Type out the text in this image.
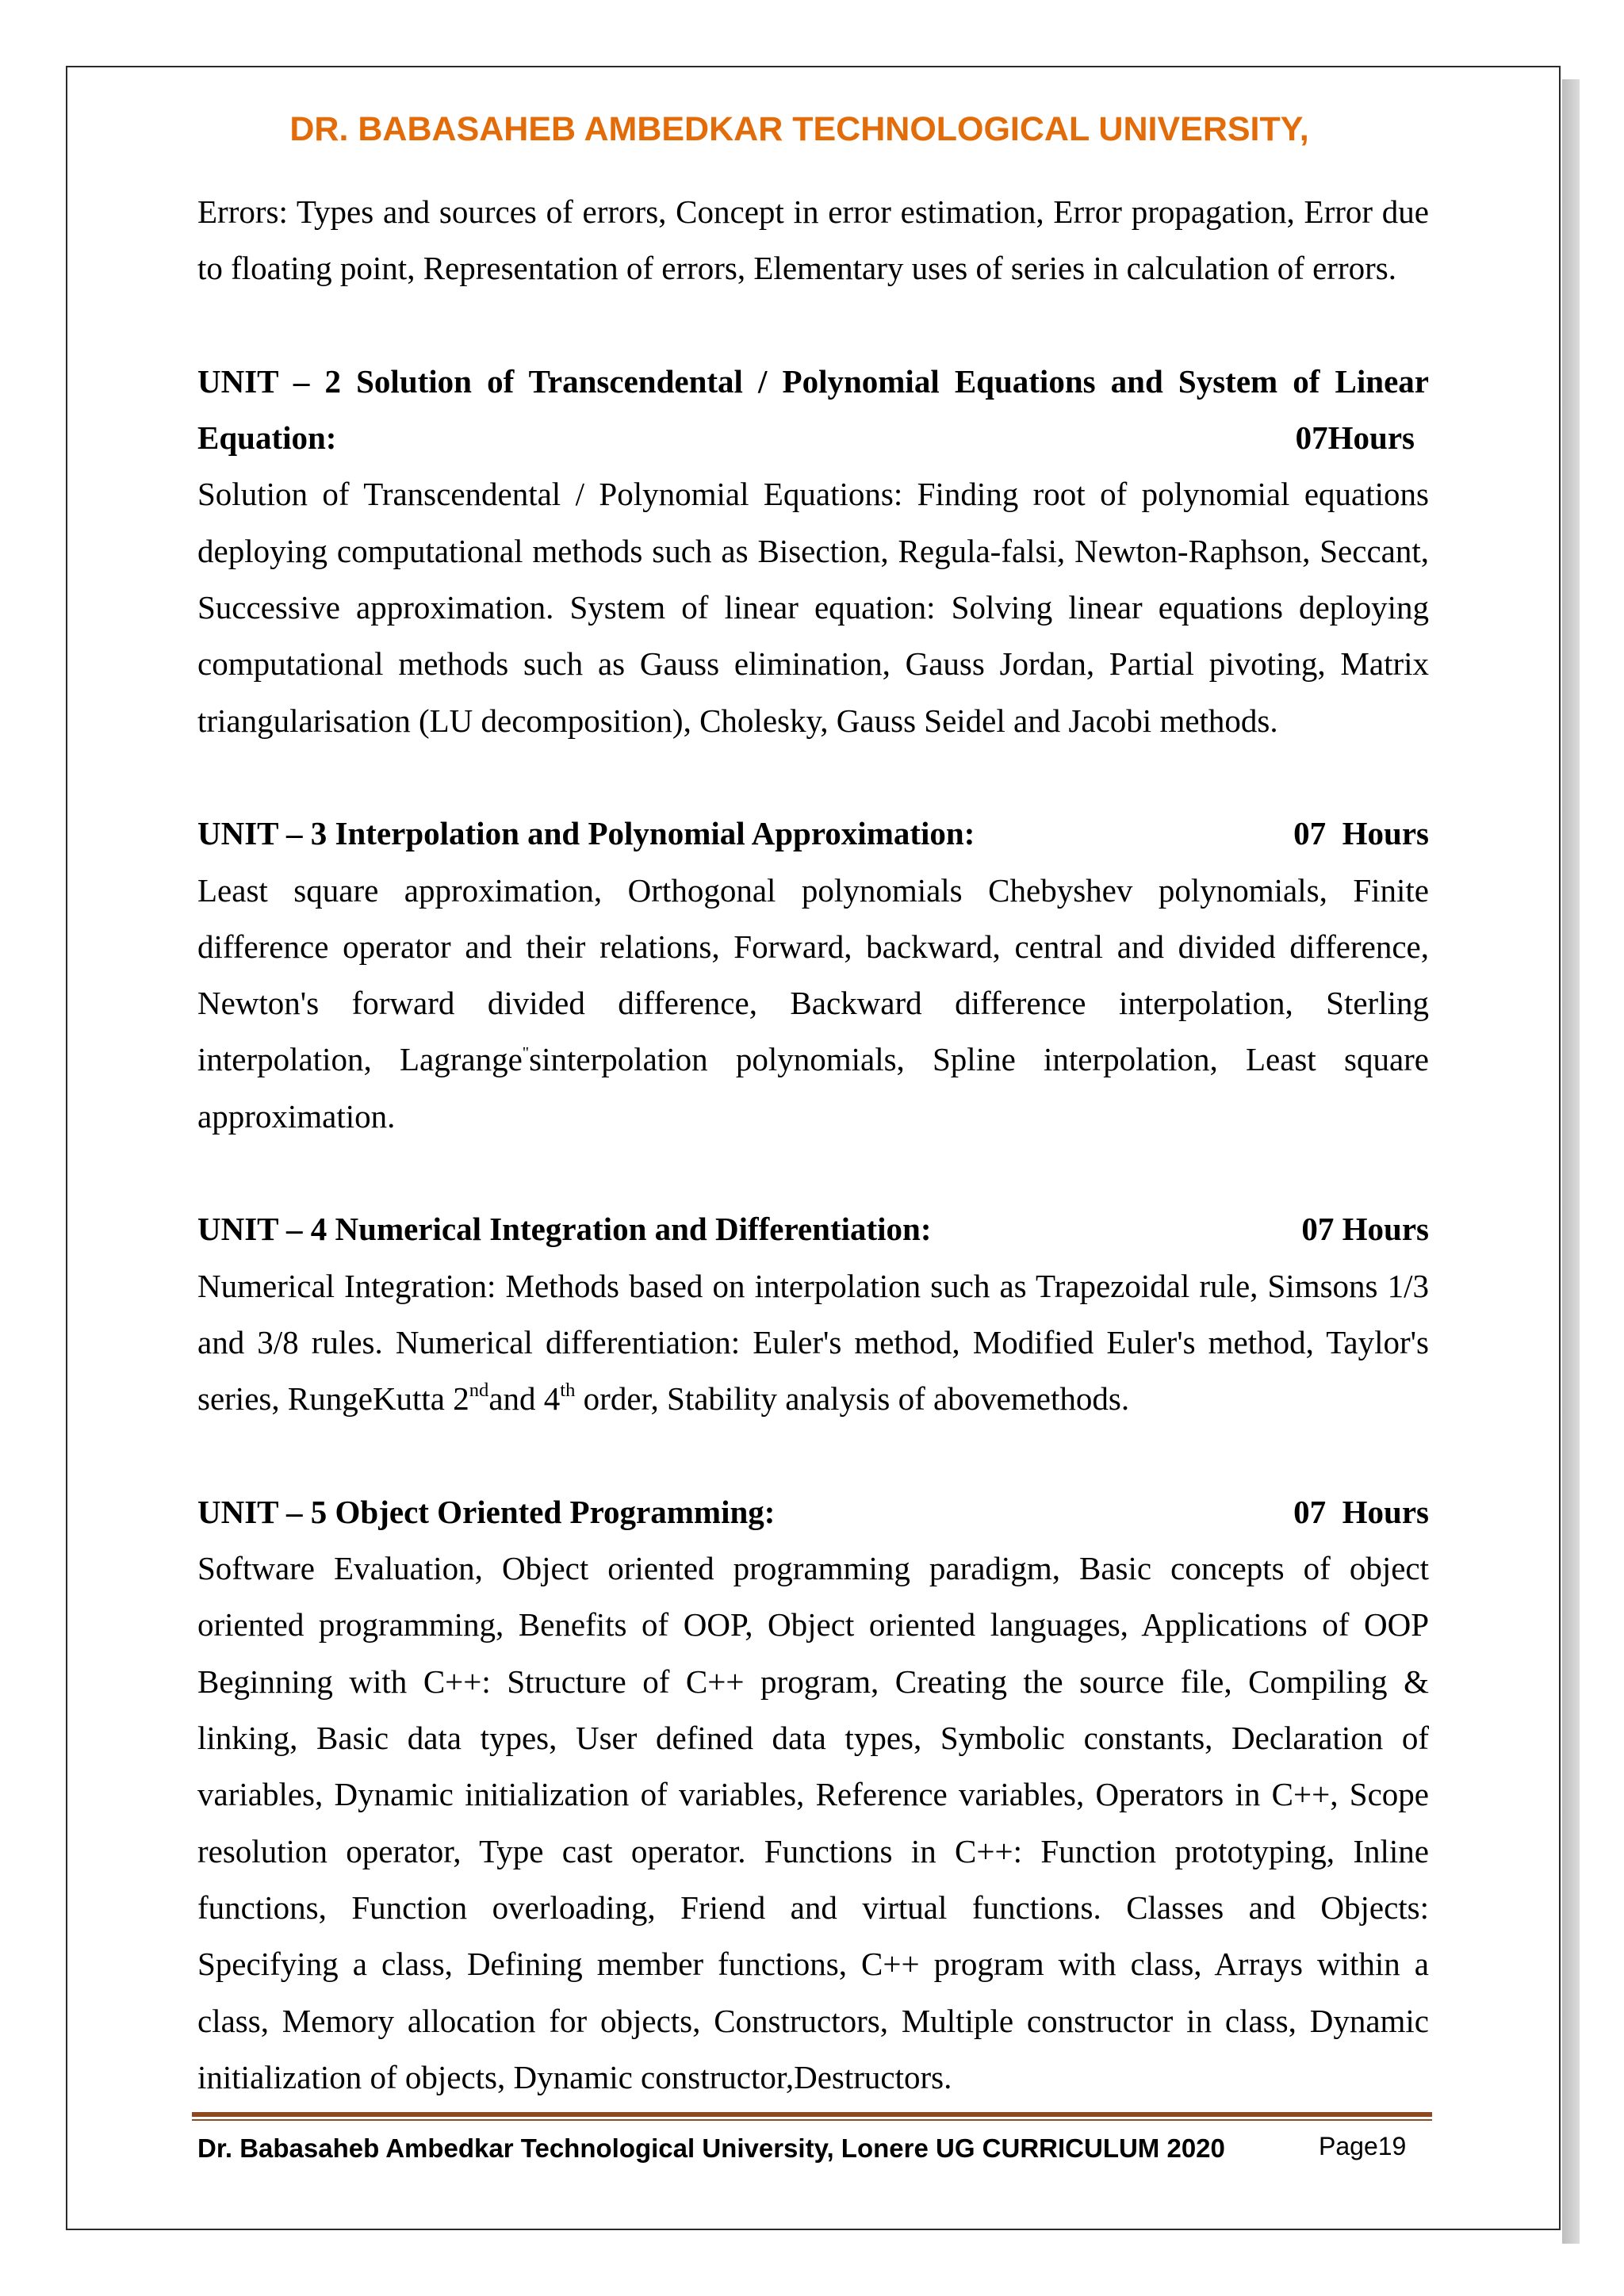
DR. BABASAHEB AMBEDKAR TECHNOLOGICAL UNIVERSITY,
Errors: Types and sources of errors, Concept in error estimation, Error propagation, Error due
to floating point, Representation of errors, Elementary uses of series in calculation of errors.
UNIT – 2 Solution of Transcendental / Polynomial Equations and System of Linear
Equation:	07Hours
Solution of Transcendental / Polynomial Equations: Finding root of polynomial equations
deploying computational methods such as Bisection, Regula-falsi, Newton-Raphson, Seccant,
Successive approximation. System of linear equation: Solving linear equations deploying
computational methods such as Gauss elimination, Gauss Jordan, Partial pivoting, Matrix
triangularisation (LU decomposition), Cholesky, Gauss Seidel and Jacobi methods.
UNIT – 3 Interpolation and Polynomial Approximation:	07  Hours
Least square approximation, Orthogonal polynomials Chebyshev polynomials, Finite
difference operator and their relations, Forward, backward, central and divided difference,
Newton's forward divided difference, Backward difference interpolation, Sterling
interpolation, Lagrange"sinterpolation polynomials, Spline interpolation, Least square
approximation.
UNIT – 4 Numerical Integration and Differentiation:	07 Hours
Numerical Integration: Methods based on interpolation such as Trapezoidal rule, Simsons 1/3
and 3/8 rules. Numerical differentiation: Euler's method, Modified Euler's method, Taylor's
series, RungeKutta 2ndand 4th order, Stability analysis of abovemethods.
UNIT – 5 Object Oriented Programming:	07  Hours
Software Evaluation, Object oriented programming paradigm, Basic concepts of object
oriented programming, Benefits of OOP, Object oriented languages, Applications of OOP
Beginning with C++: Structure of C++ program, Creating the source file, Compiling &
linking, Basic data types, User defined data types, Symbolic constants, Declaration of
variables, Dynamic initialization of variables, Reference variables, Operators in C++, Scope
resolution operator, Type cast operator. Functions in C++: Function prototyping, Inline
functions, Function overloading, Friend and virtual functions. Classes and Objects:
Specifying a class, Defining member functions, C++ program with class, Arrays within a
class, Memory allocation for objects, Constructors, Multiple constructor in class, Dynamic
initialization of objects, Dynamic constructor,Destructors.
Dr. Babasaheb Ambedkar Technological University, Lonere UG CURRICULUM 2020	Page19
